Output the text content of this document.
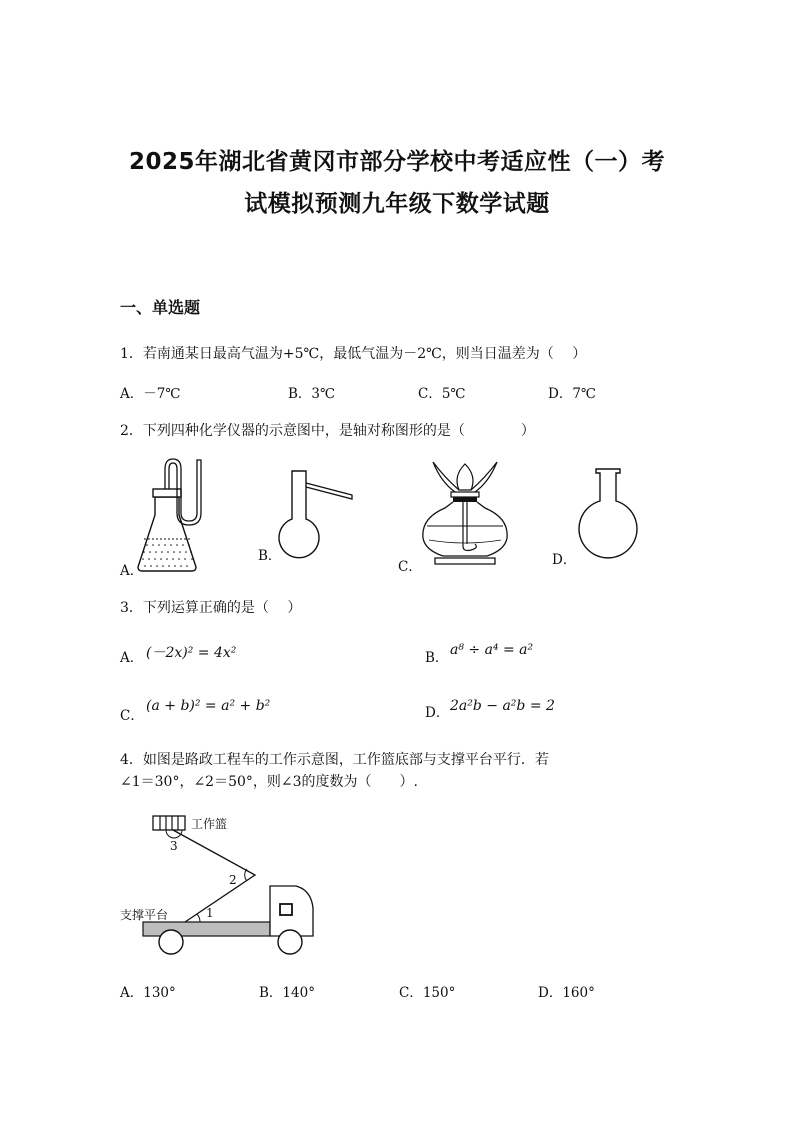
2025年湖北省黄冈市部分学校中考适应性（一）考
试模拟预测九年级下数学试题
一、单选题
1．若南通某日最高气温为+5℃，最低气温为－2℃，则当日温差为（　 ）
A．－7℃	B．3℃	C．5℃	D．7℃
2．下列四种化学仪器的示意图中，是轴对称图形的是（　　　　）
A．
B．
C．	D．
3．下列运算正确的是（　 ）
A． (－2x)² = 4x²	B． a⁸ ÷ a⁴ = a²
C．
(a + b)² = a² + b²	D． 2a²b − a²b = 2
4．如图是路政工程车的工作示意图，工作篮底部与支撑平台平行．若
∠1＝30°，∠2＝50°，则∠3的度数为（　　）.
工作篮
支撑平台	1
2
3
A．130°	B．140°	C．150°	D．160°
